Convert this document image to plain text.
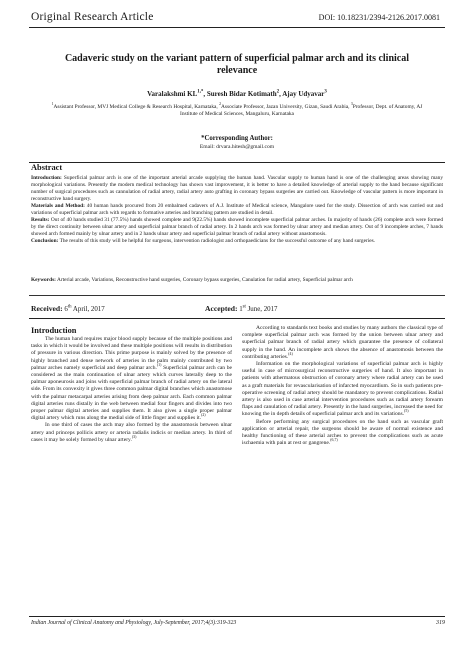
Original Research Article	DOI: 10.18231/2394-2126.2017.0081
Cadaveric study on the variant pattern of superficial palmar arch and its clinical relevance
Varalakshmi $KL^{1,*}$, Suresh Bidar Kotimath$^2$, Ajay Udyavar$^3$
$^1$Assistant Professor, MVJ Medical College & Research Hospital, Karnataka, $^2$Associate Professor, Jazan University, Gizan, Saudi Arabia, $^3$Professor, Dept. of Anatomy, AJ Institute of Medical Sciences, Mangaluru, Karnataka
*Corresponding Author:
Email: drvara.hitesh@gmail.com
Abstract
Introduction: Superficial palmar arch is one of the important arterial arcade supplying the human hand. Vascular supply to human hand is one of the challenging areas showing many morphological variations. Presently the modern medical technology has shown vast improvement, it is better to have a detailed knowledge of arterial supply to the hand because significant number of surgical procedures such as cannulation of radial artery, radial artery auto grafting in coronary bypass surgeries are carried out. Knowledge of vascular pattern is more important in reconstructive hand surgery.
Materials and Method: 40 human hands procured from 20 embalmed cadavers of A.J. Institute of Medical science, Mangalore used for the study. Dissection of arch was carried out and variations of superficial palmar arch with regards to formative arteries and branching pattern are studied in detail.
Results: Out of 40 hands studied 31 (77.5%) hands showed complete and 9(22.5%) hands showed incomplete superficial palmar arches. In majority of hands (26) complete arch were formed by the direct continuity between ulnar artery and superficial palmar branch of radial artery. In 2 hands arch was formed by ulnar artery and median artery. Out of 9 incomplete arches, 7 hands showed arch formed mainly by ulnar artery and in 2 hands ulnar artery and superficial palmar branch of radial artery without anastomosis.
Conclusion: The results of this study will be helpful for surgeons, intervention radiologist and orthopaedicians for the successful outcome of any hand surgeries.
Keywords: Arterial arcade, Variations, Reconstructive hand surgeries, Coronary bypass surgeries, Canulation for radial artery, Superficial palmar arch
Received: 6th April, 2017	Accepted: 1st June, 2017
Introduction

The human hand requires major blood supply because of the multiple positions and tasks in which it would be involved and these multiple positions will results in distribution of pressure in various direction. This prime purpose is mainly solved by the presence of highly branched and dense network of arteries in the palm mainly contributed by two palmar arches namely superficial and deep palmar arch.$^{(1)}$ Superficial palmar arch can be considered as the main continuation of ulnar artery which curves laterally deep to the palmar aponeurosis and joins with superficial palmar branch of radial artery on the lateral side. From its convexity it gives three common palmar digital branches which anastomose with the palmar metacarpal arteries arising from deep palmar arch. Each common palmar digital arteries runs distally in the web between medial four fingers and divides into two proper palmar digital arteries and supplies them. It also gives a single proper palmar digital artery which runs along the medial side of little finger and supplies it.$^{(2)}$

In one third of cases the arch may also formed by the anastomosis between ulnar artery and princeps pollicis artery or arteria radialis indicis or median artery. In third of cases it may be solely formed by ulnar artery.$^{(3)}$

According to standards text books and studies by many authors the classical type of complete superficial palmar arch was formed by the union between ulnar artery and superficial palmar branch of radial artery which guarantee the presence of collateral supply in the hand. An incomplete arch shows the absence of anastomosis between the contributing arteries.$^{(4)}$

Information on the morphological variations of superficial palmar arch is highly useful in case of microsurgical reconstructive surgeries of hand. It also important in patients with athermatous obstruction of coronary artery where radial artery can be used as a graft materials for revascularisation of infarcted myocardium. So in such patients pre-operative screening of radial artery should be mandatory to prevent complications. Radial artery is also used in case arterial intervention procedures such as radial artery forearm flaps and canulation of radial artery. Presently in the hand surgeries, increased the need for knowing the in depth details of superficial palmar arch and its variations.$^{(5)}$

Before performing any surgical procedures on the hand such as vascular graft application or arterial repair, the surgeons should be aware of normal existence and healthy functioning of these arterial arches to prevent the complications such as acute ischaemia with pain at rest or gangrene.$^{(6,7)}$

Indian Journal of Clinical Anatomy and Physiology, July-September, 2017;4(3):319-323	319
